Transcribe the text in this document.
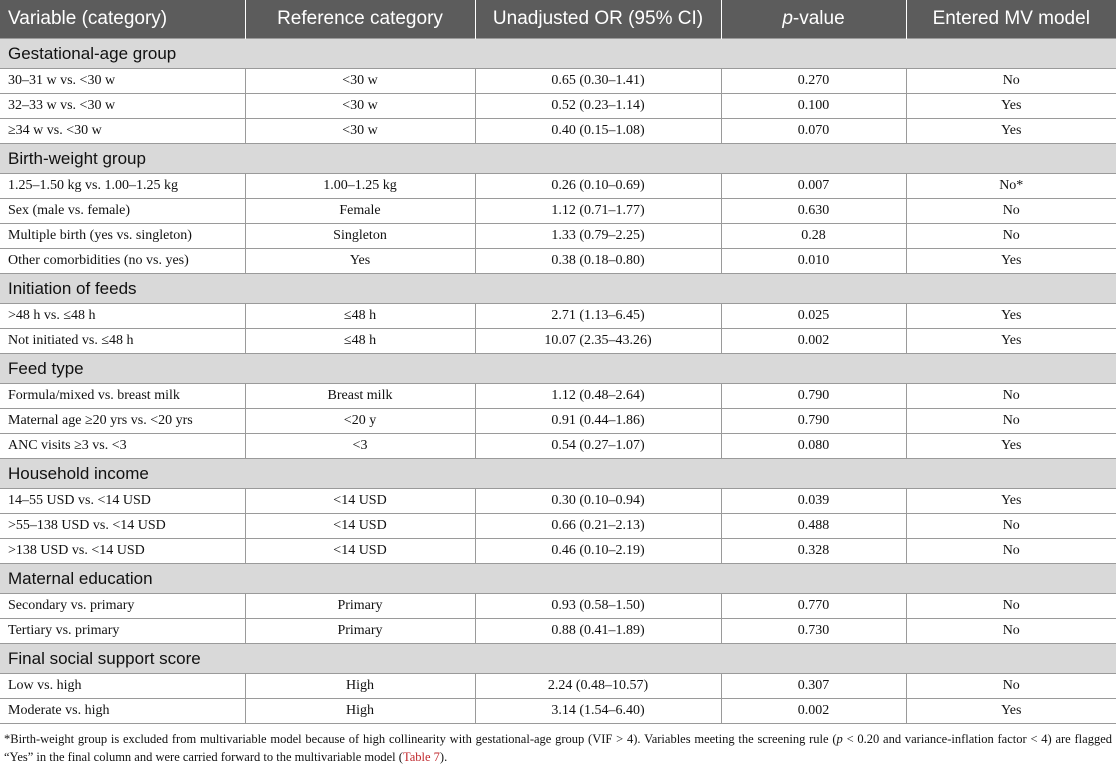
Variable (category)	Reference category	Unadjusted OR (95% CI)	p-value	Entered MV model
Gestational-age group				
30–31 w vs. <30 w	<30 w	0.65 (0.30–1.41)	0.270	No
32–33 w vs. <30 w	<30 w	0.52 (0.23–1.14)	0.100	Yes
≥34 w vs. <30 w	<30 w	0.40 (0.15–1.08)	0.070	Yes
Birth-weight group				
1.25–1.50 kg vs. 1.00–1.25 kg	1.00–1.25 kg	0.26 (0.10–0.69)	0.007	No*
Sex (male vs. female)	Female	1.12 (0.71–1.77)	0.630	No
Multiple birth (yes vs. singleton)	Singleton	1.33 (0.79–2.25)	0.28	No
Other comorbidities (no vs. yes)	Yes	0.38 (0.18–0.80)	0.010	Yes
Initiation of feeds				
>48 h vs. ≤48 h	≤48 h	2.71 (1.13–6.45)	0.025	Yes
Not initiated vs. ≤48 h	≤48 h	10.07 (2.35–43.26)	0.002	Yes
Feed type				
Formula/mixed vs. breast milk	Breast milk	1.12 (0.48–2.64)	0.790	No
Maternal age ≥20 yrs vs. <20 yrs	<20 y	0.91 (0.44–1.86)	0.790	No
ANC visits ≥3 vs. <3	<3	0.54 (0.27–1.07)	0.080	Yes
Household income				
14–55 USD vs. <14 USD	<14 USD	0.30 (0.10–0.94)	0.039	Yes
>55–138 USD vs. <14 USD	<14 USD	0.66 (0.21–2.13)	0.488	No
>138 USD vs. <14 USD	<14 USD	0.46 (0.10–2.19)	0.328	No
Maternal education				
Secondary vs. primary	Primary	0.93 (0.58–1.50)	0.770	No
Tertiary vs. primary	Primary	0.88 (0.41–1.89)	0.730	No
Final social support score				
Low vs. high	High	2.24 (0.48–10.57)	0.307	No
Moderate vs. high	High	3.14 (1.54–6.40)	0.002	Yes
*Birth-weight group is excluded from multivariable model because of high collinearity with gestational-age group (VIF > 4). Variables meeting the screening rule (p < 0.20 and variance-inflation factor < 4) are flagged “Yes” in the final column and were carried forward to the multivariable model (Table 7).
